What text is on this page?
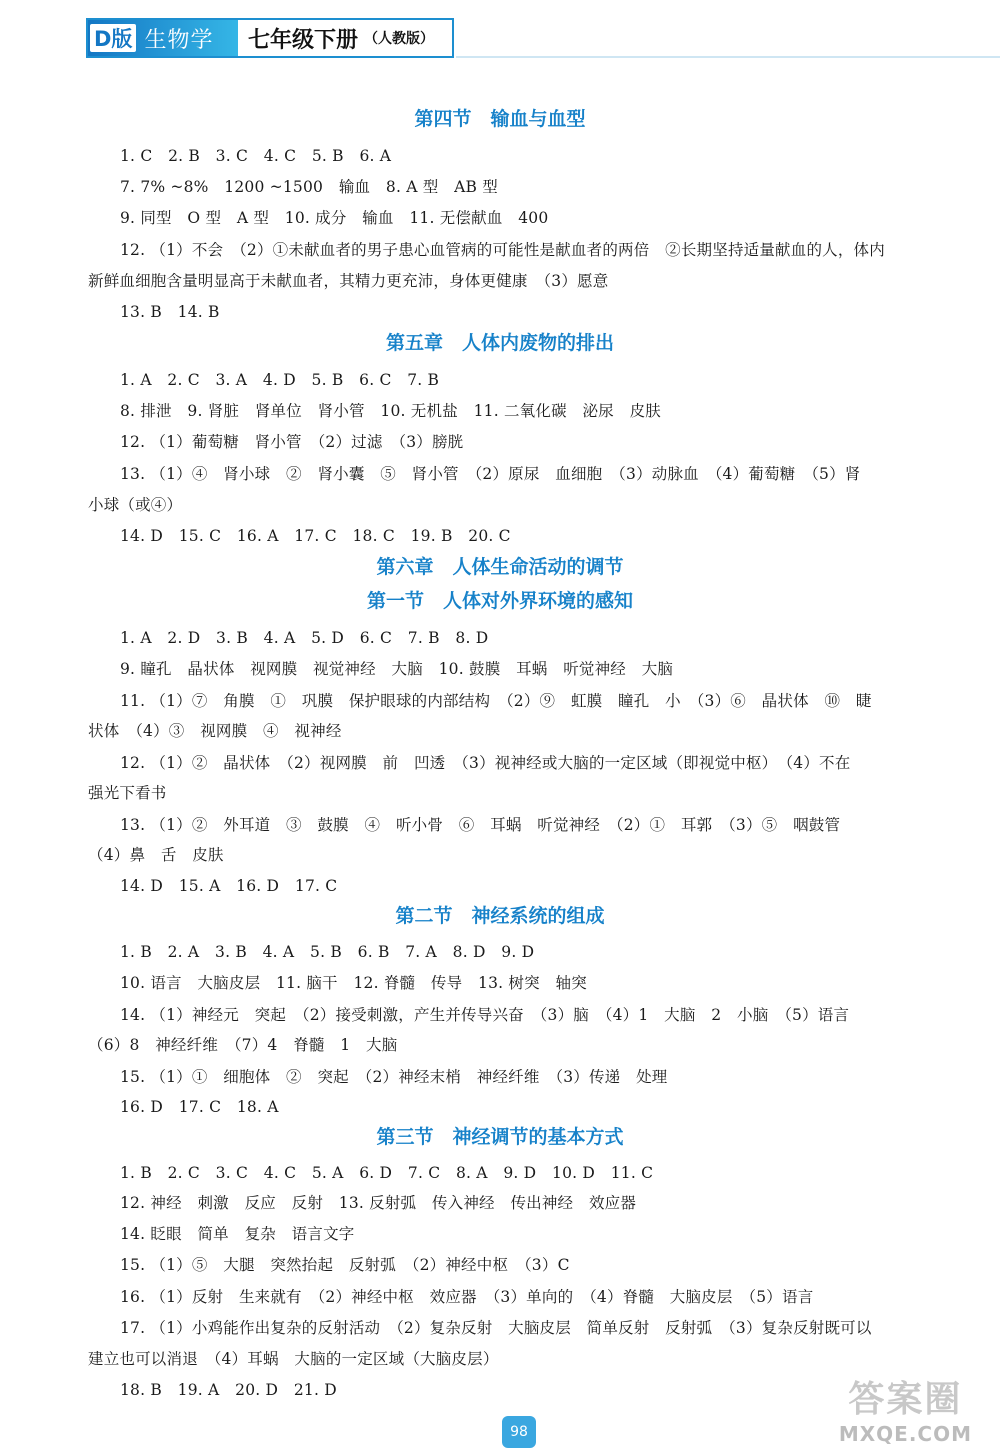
D版 生物学 七年级下册 （人教版）
第四节　输血与血型
1. C　2. B　3. C　4. C　5. B　6. A
7. 7% ~8%　1200 ~1500　输血　8. A 型　AB 型
9. 同型　O 型　A 型　10. 成分　输血　11. 无偿献血　400
12. （1）不会　（2）①未献血者的男子患心血管病的可能性是献血者的两倍　②长期坚持适量献血的人，体内
新鲜血细胞含量明显高于未献血者，其精力更充沛，身体更健康　（3）愿意
13. B　14. B
第五章　人体内废物的排出
1. A　2. C　3. A　4. D　5. B　6. C　7. B
8. 排泄　9. 肾脏　肾单位　肾小管　10. 无机盐　11. 二氧化碳　泌尿　皮肤
12. （1）葡萄糖　肾小管　（2）过滤　（3）膀胱
13. （1）④　肾小球　②　肾小囊　⑤　肾小管　（2）原尿　血细胞　（3）动脉血　（4）葡萄糖　（5）肾
小球（或④）
14. D　15. C　16. A　17. C　18. C　19. B　20. C
第六章　人体生命活动的调节
第一节　人体对外界环境的感知
1. A　2. D　3. B　4. A　5. D　6. C　7. B　8. D
9. 瞳孔　晶状体　视网膜　视觉神经　大脑　10. 鼓膜　耳蜗　听觉神经　大脑
11. （1）⑦　角膜　①　巩膜　保护眼球的内部结构　（2）⑨　虹膜　瞳孔　小　（3）⑥　晶状体　⑩　睫
状体　（4）③　视网膜　④　视神经
12. （1）②　晶状体　（2）视网膜　前　凹透　（3）视神经或大脑的一定区域（即视觉中枢）　（4）不在
强光下看书
13. （1）②　外耳道　③　鼓膜　④　听小骨　⑥　耳蜗　听觉神经　（2）①　耳郭　（3）⑤　咽鼓管
（4）鼻　舌　皮肤
14. D　15. A　16. D　17. C
第二节　神经系统的组成
1. B　2. A　3. B　4. A　5. B　6. B　7. A　8. D　9. D
10. 语言　大脑皮层　11. 脑干　12. 脊髓　传导　13. 树突　轴突
14. （1）神经元　突起　（2）接受刺激，产生并传导兴奋　（3）脑　（4）1　大脑　2　小脑　（5）语言
（6）8　神经纤维　（7）4　脊髓　1　大脑
15. （1）①　细胞体　②　突起　（2）神经末梢　神经纤维　（3）传递　处理
16. D　17. C　18. A
第三节　神经调节的基本方式
1. B　2. C　3. C　4. C　5. A　6. D　7. C　8. A　9. D　10. D　11. C
12. 神经　刺激　反应　反射　13. 反射弧　传入神经　传出神经　效应器
14. 眨眼　简单　复杂　语言文字
15. （1）⑤　大腿　突然抬起　反射弧　（2）神经中枢　（3）C
16. （1）反射　生来就有　（2）神经中枢　效应器　（3）单向的　（4）脊髓　大脑皮层　（5）语言
17. （1）小鸡能作出复杂的反射活动　（2）复杂反射　大脑皮层　简单反射　反射弧　（3）复杂反射既可以
建立也可以消退　（4）耳蜗　大脑的一定区域（大脑皮层）
18. B　19. A　20. D　21. D
98
答案圈
MXQE.COM
